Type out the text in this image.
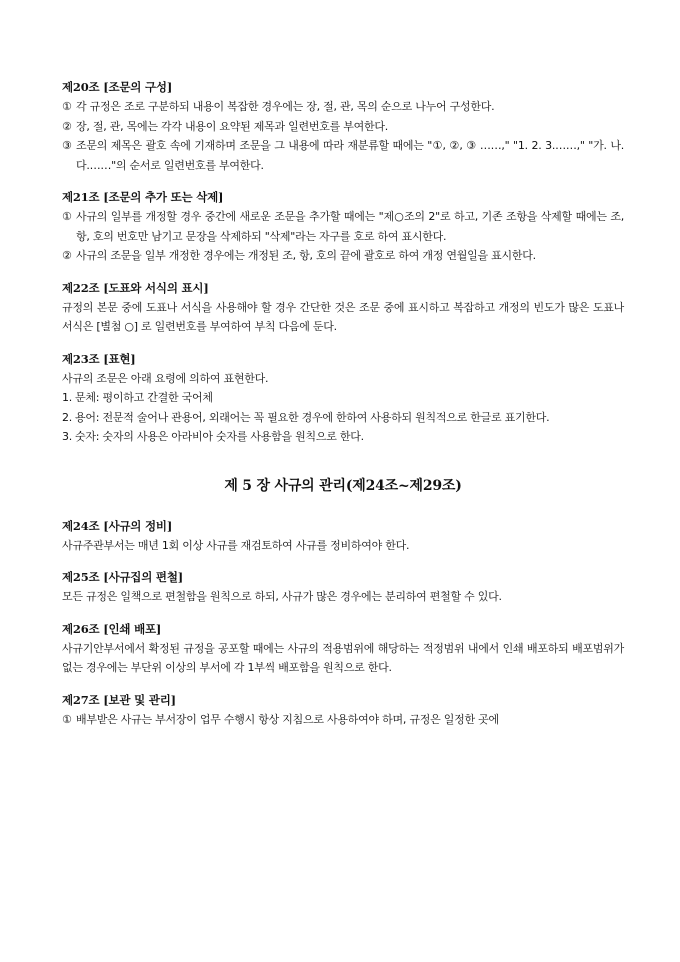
제20조 [조문의 구성]
① 각 규정은 조로 구분하되 내용이 복잡한 경우에는 장, 절, 관, 목의 순으로 나누어 구성한다.
② 장, 절, 관, 목에는 각각 내용이 요약된 제목과 일련번호를 부여한다.
③ 조문의 제목은 괄호 속에 기재하며 조문을 그 내용에 따라 재분류할 때에는 "①, ②, ③ ……," "1. 2. 3.……," "가. 나. 다.……"의 순서로 일련번호를 부여한다.
제21조 [조문의 추가 또는 삭제]
① 사규의 일부를 개정할 경우 중간에 새로운 조문을 추가할 때에는 "제○조의 2"로 하고, 기존 조항을 삭제할 때에는 조, 항, 호의 번호만 남기고 문장을 삭제하되 "삭제"라는 자구를 호로 하여 표시한다.
② 사규의 조문을 일부 개정한 경우에는 개정된 조, 항, 호의 끝에 괄호로 하여 개정 연월일을 표시한다.
제22조 [도표와 서식의 표시]
규정의 본문 중에 도표나 서식을 사용해야 할 경우 간단한 것은 조문 중에 표시하고 복잡하고 개정의 빈도가 많은 도표나 서식은 [별첨 ○] 로 일련번호를 부여하여 부칙 다음에 둔다.
제23조 [표현]
사규의 조문은 아래 요령에 의하여 표현한다.
1. 문체: 평이하고 간결한 국어체
2. 용어: 전문적 술어나 관용어, 외래어는 꼭 필요한 경우에 한하여 사용하되 원칙적으로 한글로 표기한다.
3. 숫자: 숫자의 사용은 아라비아 숫자를 사용함을 원칙으로 한다.
제 5 장 사규의 관리(제24조~제29조)
제24조 [사규의 정비]
사규주관부서는 매년 1회 이상 사규를 재검토하여 사규를 정비하여야 한다.
제25조 [사규집의 편철]
모든 규정은 일책으로 편철함을 원칙으로 하되, 사규가 많은 경우에는 분리하여 편철할 수 있다.
제26조 [인쇄 배포]
사규기안부서에서 확정된 규정을 공포할 때에는 사규의 적용범위에 해당하는 적정범위 내에서 인쇄 배포하되 배포범위가 없는 경우에는 부단위 이상의 부서에 각 1부씩 배포함을 원칙으로 한다.
제27조 [보관 및 관리]
① 배부받은 사규는 부서장이 업무 수행시 항상 지침으로 사용하여야 하며, 규정은 일정한 곳에
